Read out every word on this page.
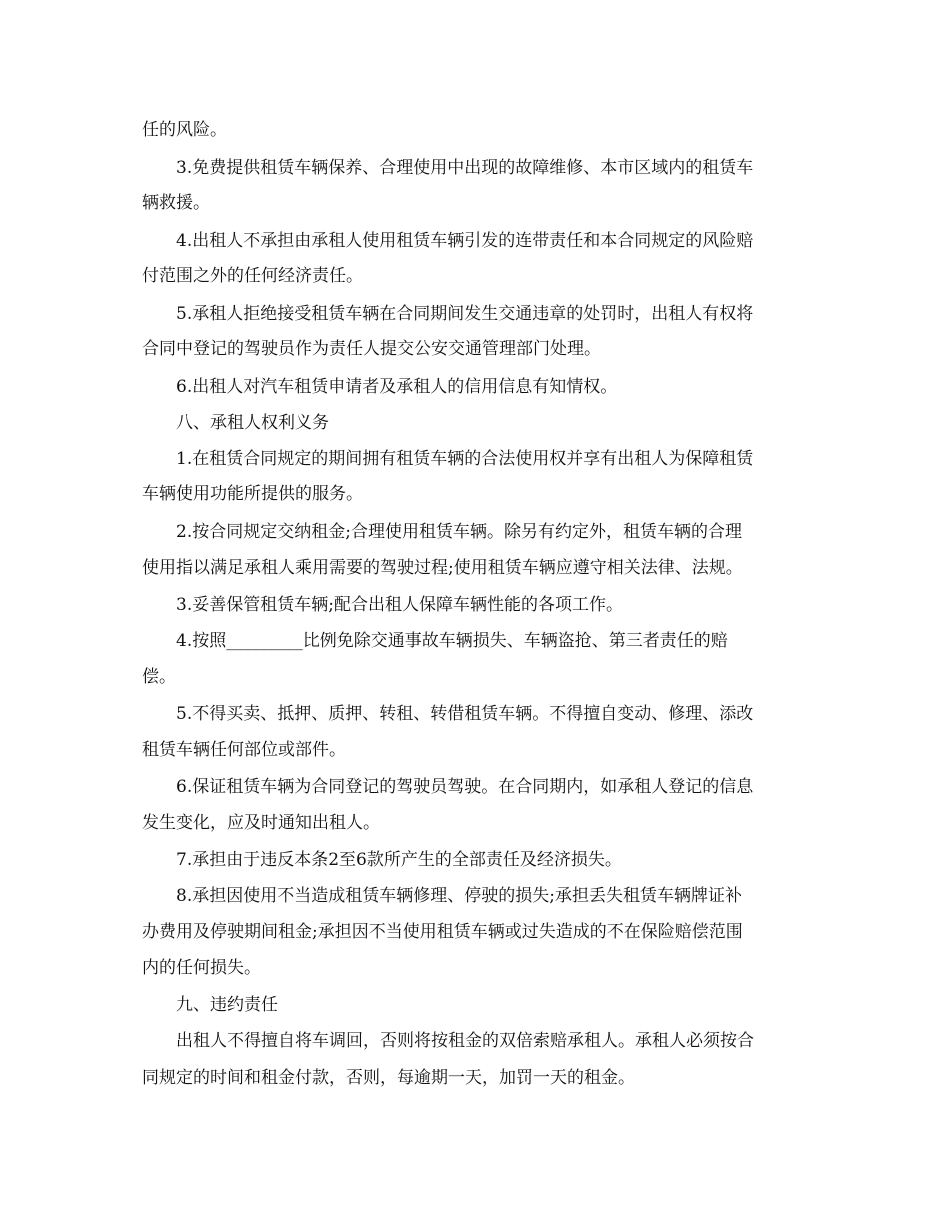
任的风险。
3.免费提供租赁车辆保养、合理使用中出现的故障维修、本市区域内的租赁车
辆救援。
4.出租人不承担由承租人使用租赁车辆引发的连带责任和本合同规定的风险赔
付范围之外的任何经济责任。
5.承租人拒绝接受租赁车辆在合同期间发生交通违章的处罚时，出租人有权将
合同中登记的驾驶员作为责任人提交公安交通管理部门处理。
6.出租人对汽车租赁申请者及承租人的信用信息有知情权。
八、承租人权利义务
1.在租赁合同规定的期间拥有租赁车辆的合法使用权并享有出租人为保障租赁
车辆使用功能所提供的服务。
2.按合同规定交纳租金;合理使用租赁车辆。除另有约定外，租赁车辆的合理
使用指以满足承租人乘用需要的驾驶过程;使用租赁车辆应遵守相关法律、法规。
3.妥善保管租赁车辆;配合出租人保障车辆性能的各项工作。
4.按照_________比例免除交通事故车辆损失、车辆盗抢、第三者责任的赔
偿。
5.不得买卖、抵押、质押、转租、转借租赁车辆。不得擅自变动、修理、添改
租赁车辆任何部位或部件。
6.保证租赁车辆为合同登记的驾驶员驾驶。在合同期内，如承租人登记的信息
发生变化，应及时通知出租人。
7.承担由于违反本条2至6款所产生的全部责任及经济损失。
8.承担因使用不当造成租赁车辆修理、停驶的损失;承担丢失租赁车辆牌证补
办费用及停驶期间租金;承担因不当使用租赁车辆或过失造成的不在保险赔偿范围
内的任何损失。
九、违约责任
出租人不得擅自将车调回，否则将按租金的双倍索赔承租人。承租人必须按合
同规定的时间和租金付款，否则，每逾期一天，加罚一天的租金。
